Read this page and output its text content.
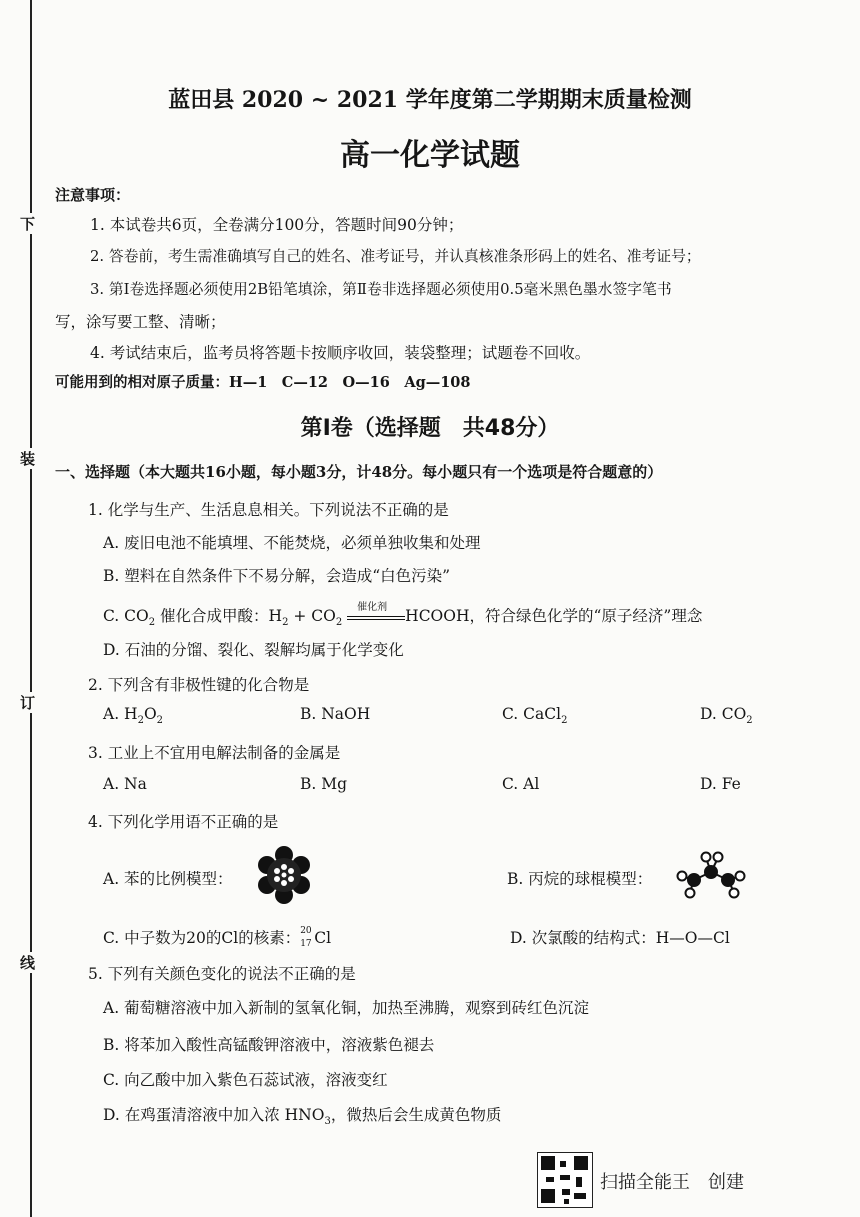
下
装
订
线
蓝田县 2020 ~ 2021 学年度第二学期期末质量检测
高一化学试题
注意事项：
1. 本试卷共6页，全卷满分100分，答题时间90分钟；
2. 答卷前，考生需准确填写自己的姓名、准考证号，并认真核准条形码上的姓名、准考证号；
3. 第Ⅰ卷选择题必须使用2B铅笔填涂，第Ⅱ卷非选择题必须使用0.5毫米黑色墨水签字笔书
写，涂写要工整、清晰；
4. 考试结束后，监考员将答题卡按顺序收回，装袋整理；试题卷不回收。
可能用到的相对原子质量：H—1　C—12　O—16　Ag—108
第Ⅰ卷（选择题　共48分）
一、选择题（本大题共16小题，每小题3分，计48分。每小题只有一个选项是符合题意的）
1. 化学与生产、生活息息相关。下列说法不正确的是
A. 废旧电池不能填埋、不能焚烧，必须单独收集和处理
B. 塑料在自然条件下不易分解，会造成“白色污染”
C. $CO_2$ 催化合成甲酸：$H_2 + CO_2$
催化剂 HCOOH，符合绿色化学的“原子经济”理念
D. 石油的分馏、裂化、裂解均属于化学变化
2. 下列含有非极性键的化合物是
A. $H_2O_2$	B. NaOH	C. CaCl$_2$	D. $CO_2$
3. 工业上不宜用电解法制备的金属是
A. Na	B. Mg	C. Al	D. Fe
4. 下列化学用语不正确的是
A. 苯的比例模型：	B. 丙烷的球棍模型：
C. 中子数为20的Cl的核素： 20
17 Cl	D. 次氯酸的结构式：H—O—Cl
5. 下列有关颜色变化的说法不正确的是
A. 葡萄糖溶液中加入新制的氢氧化铜，加热至沸腾，观察到砖红色沉淀
B. 将苯加入酸性高锰酸钾溶液中，溶液紫色褪去
C. 向乙酸中加入紫色石蕊试液，溶液变红
D. 在鸡蛋清溶液中加入浓 $HNO_3$，微热后会生成黄色物质
扫描全能王　创建
